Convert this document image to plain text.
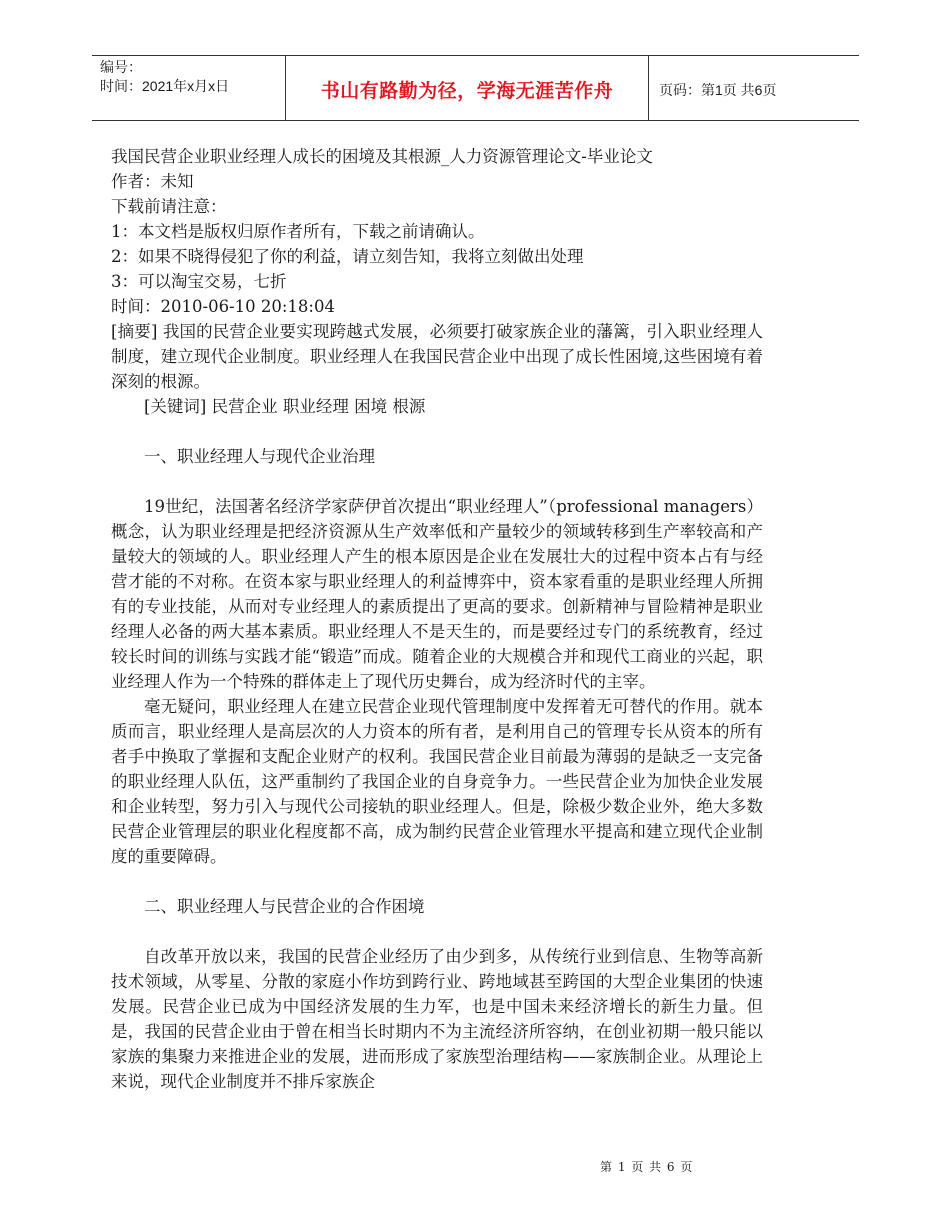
编号：
时间：2021年x月x日	书山有路勤为径，学海无涯苦作舟	页码：第1页 共6页

我国民营企业职业经理人成长的困境及其根源_人力资源管理论文-毕业论文

作者：未知

下载前请注意：

1：本文档是版权归原作者所有，下载之前请确认。

2：如果不晓得侵犯了你的利益，请立刻告知，我将立刻做出处理

3：可以淘宝交易，七折

时间：2010-06-10 20:18:04

[摘要] 我国的民营企业要实现跨越式发展，必须要打破家族企业的藩篱，引入职业经理人制度，建立现代企业制度。职业经理人在我国民营企业中出现了成长性困境,这些困境有着深刻的根源。

[关键词] 民营企业 职业经理 困境 根源

一、职业经理人与现代企业治理

19世纪，法国著名经济学家萨伊首次提出“职业经理人”（professional managers）概念，认为职业经理是把经济资源从生产效率低和产量较少的领域转移到生产率较高和产量较大的领域的人。职业经理人产生的根本原因是企业在发展壮大的过程中资本占有与经营才能的不对称。在资本家与职业经理人的利益博弈中，资本家看重的是职业经理人所拥有的专业技能，从而对专业经理人的素质提出了更高的要求。创新精神与冒险精神是职业经理人必备的两大基本素质。职业经理人不是天生的，而是要经过专门的系统教育，经过较长时间的训练与实践才能“锻造”而成。随着企业的大规模合并和现代工商业的兴起，职业经理人作为一个特殊的群体走上了现代历史舞台，成为经济时代的主宰。

毫无疑问，职业经理人在建立民营企业现代管理制度中发挥着无可替代的作用。就本质而言，职业经理人是高层次的人力资本的所有者，是利用自己的管理专长从资本的所有者手中换取了掌握和支配企业财产的权利。我国民营企业目前最为薄弱的是缺乏一支完备的职业经理人队伍，这严重制约了我国企业的自身竞争力。一些民营企业为加快企业发展和企业转型，努力引入与现代公司接轨的职业经理人。但是，除极少数企业外，绝大多数民营企业管理层的职业化程度都不高，成为制约民营企业管理水平提高和建立现代企业制度的重要障碍。

二、职业经理人与民营企业的合作困境

自改革开放以来，我国的民营企业经历了由少到多，从传统行业到信息、生物等高新技术领域，从零星、分散的家庭小作坊到跨行业、跨地域甚至跨国的大型企业集团的快速发展。民营企业已成为中国经济发展的生力军，也是中国未来经济增长的新生力量。但是，我国的民营企业由于曾在相当长时期内不为主流经济所容纳，在创业初期一般只能以家族的集聚力来推进企业的发展，进而形成了家族型治理结构——家族制企业。从理论上来说，现代企业制度并不排斥家族企

第 1 页 共 6 页
